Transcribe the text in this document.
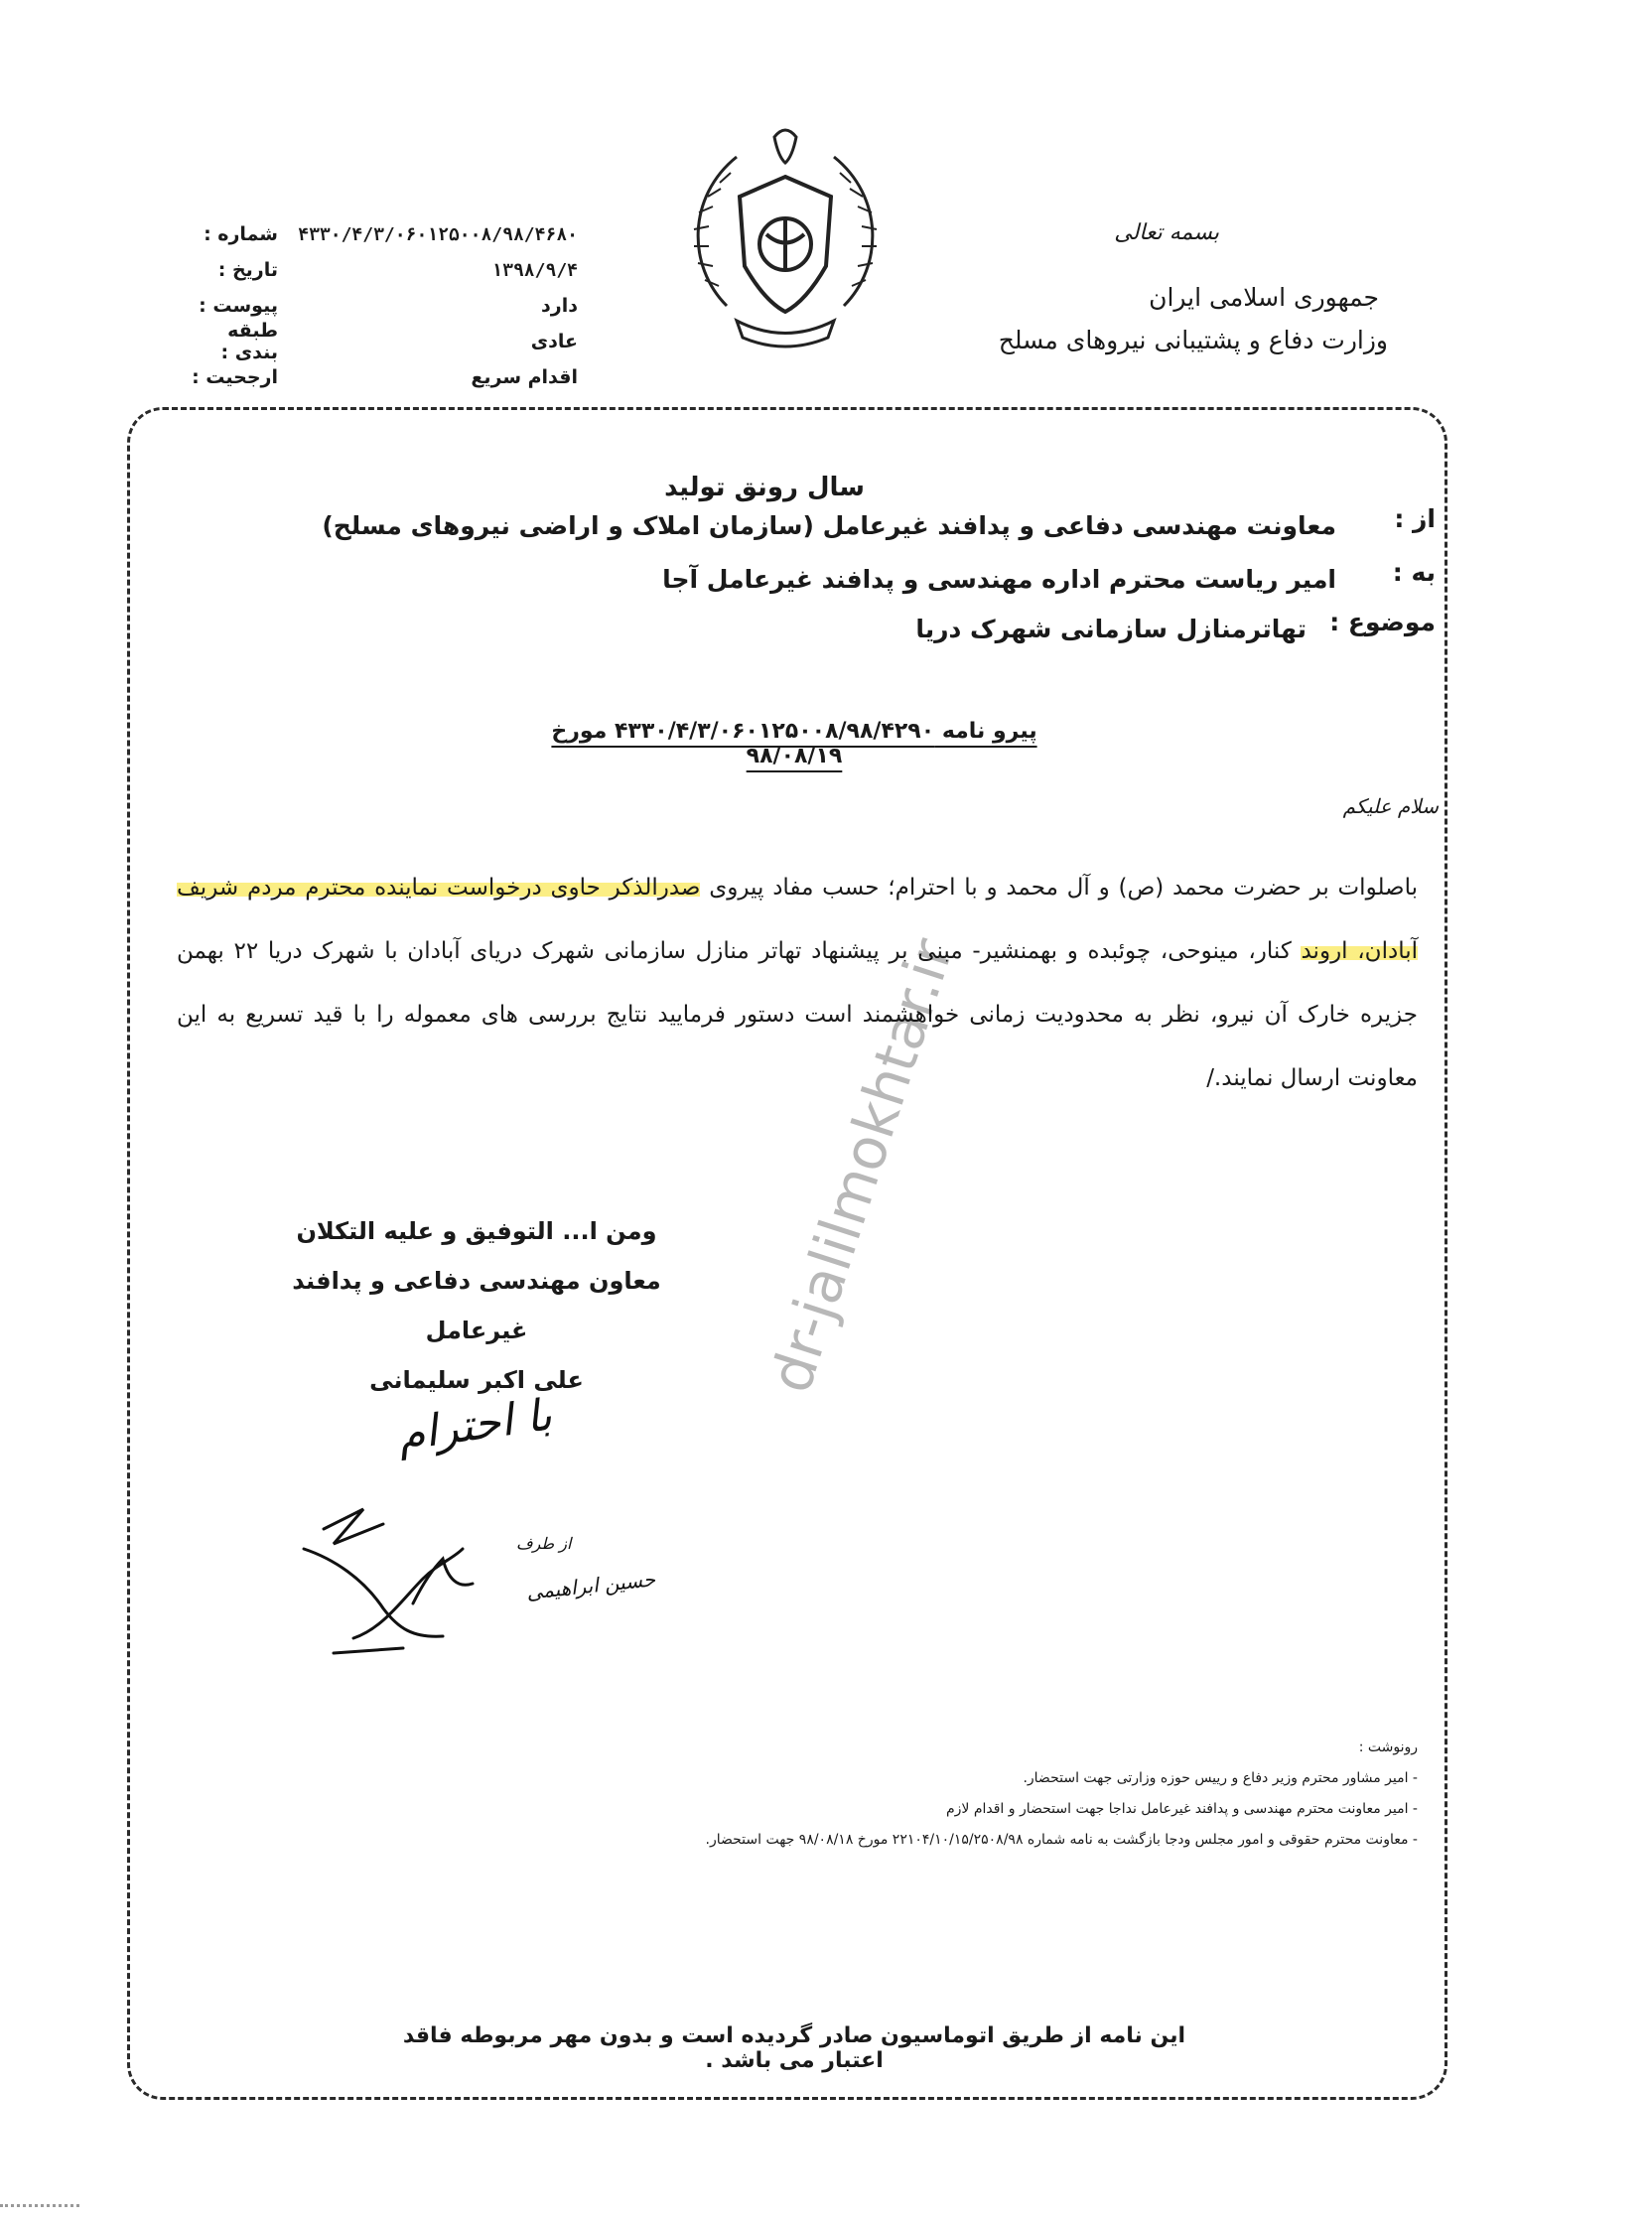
بسمه تعالی
جمهوری اسلامی ایران
وزارت دفاع و پشتیبانی نیروهای مسلح
شماره :	۴۳۳۰/۴/۳/۰۶۰۱۲۵۰۰۸/۹۸/۴۶۸۰
تاریخ :	۱۳۹۸/۹/۴
پیوست :	دارد
طبقه بندی :	عادی
ارجحیت :	اقدام سریع
سال رونق تولید
از :
معاونت مهندسی دفاعی و پدافند غیرعامل (سازمان املاک و اراضی نیروهای مسلح)
به :
امیر ریاست محترم اداره مهندسی و پدافند غیرعامل آجا
موضوع :
تهاترمنازل سازمانی شهرک دریا
پیرو نامه ۴۳۳۰/۴/۳/۰۶۰۱۲۵۰۰۸/۹۸/۴۲۹۰ مورخ ۹۸/۰۸/۱۹
سلام علیکم
باصلوات بر حضرت محمد (ص) و آل محمد و با احترام؛ حسب مفاد پیروی صدرالذکر حاوی درخواست نماینده محترم مردم شریف آبادان، اروند کنار، مینوحی، چوئبده و بهمنشیر- مبنی بر پیشنهاد تهاتر منازل سازمانی شهرک دریای آبادان با شهرک دریا ۲۲ بهمن جزیره خارک آن نیرو، نظر به محدودیت زمانی خواهشمند است دستور فرمایید نتایج بررسی های معموله را با قید تسریع به این معاونت ارسال نمایند./
ومن ا... التوفیق و علیه التکلان
معاون مهندسی دفاعی و پدافند غیرعامل
علی اکبر سلیمانی
با احترام
از طرف
حسین ابراهیمی
رونوشت :
- امیر مشاور محترم وزیر دفاع و رییس حوزه وزارتی جهت استحضار.
- امیر معاونت محترم مهندسی و پدافند غیرعامل نداجا جهت استحضار و اقدام لازم
- معاونت محترم حقوقی و امور مجلس ودجا بازگشت به نامه شماره ۲۲۱۰۴/۱۰/۱۵/۲۵۰۸/۹۸ مورخ ۹۸/۰۸/۱۸ جهت استحضار.
این نامه از طریق اتوماسیون صادر گردیده است و بدون مهر مربوطه فاقد اعتبار می باشد .
dr-jalilmokhtar.ir
